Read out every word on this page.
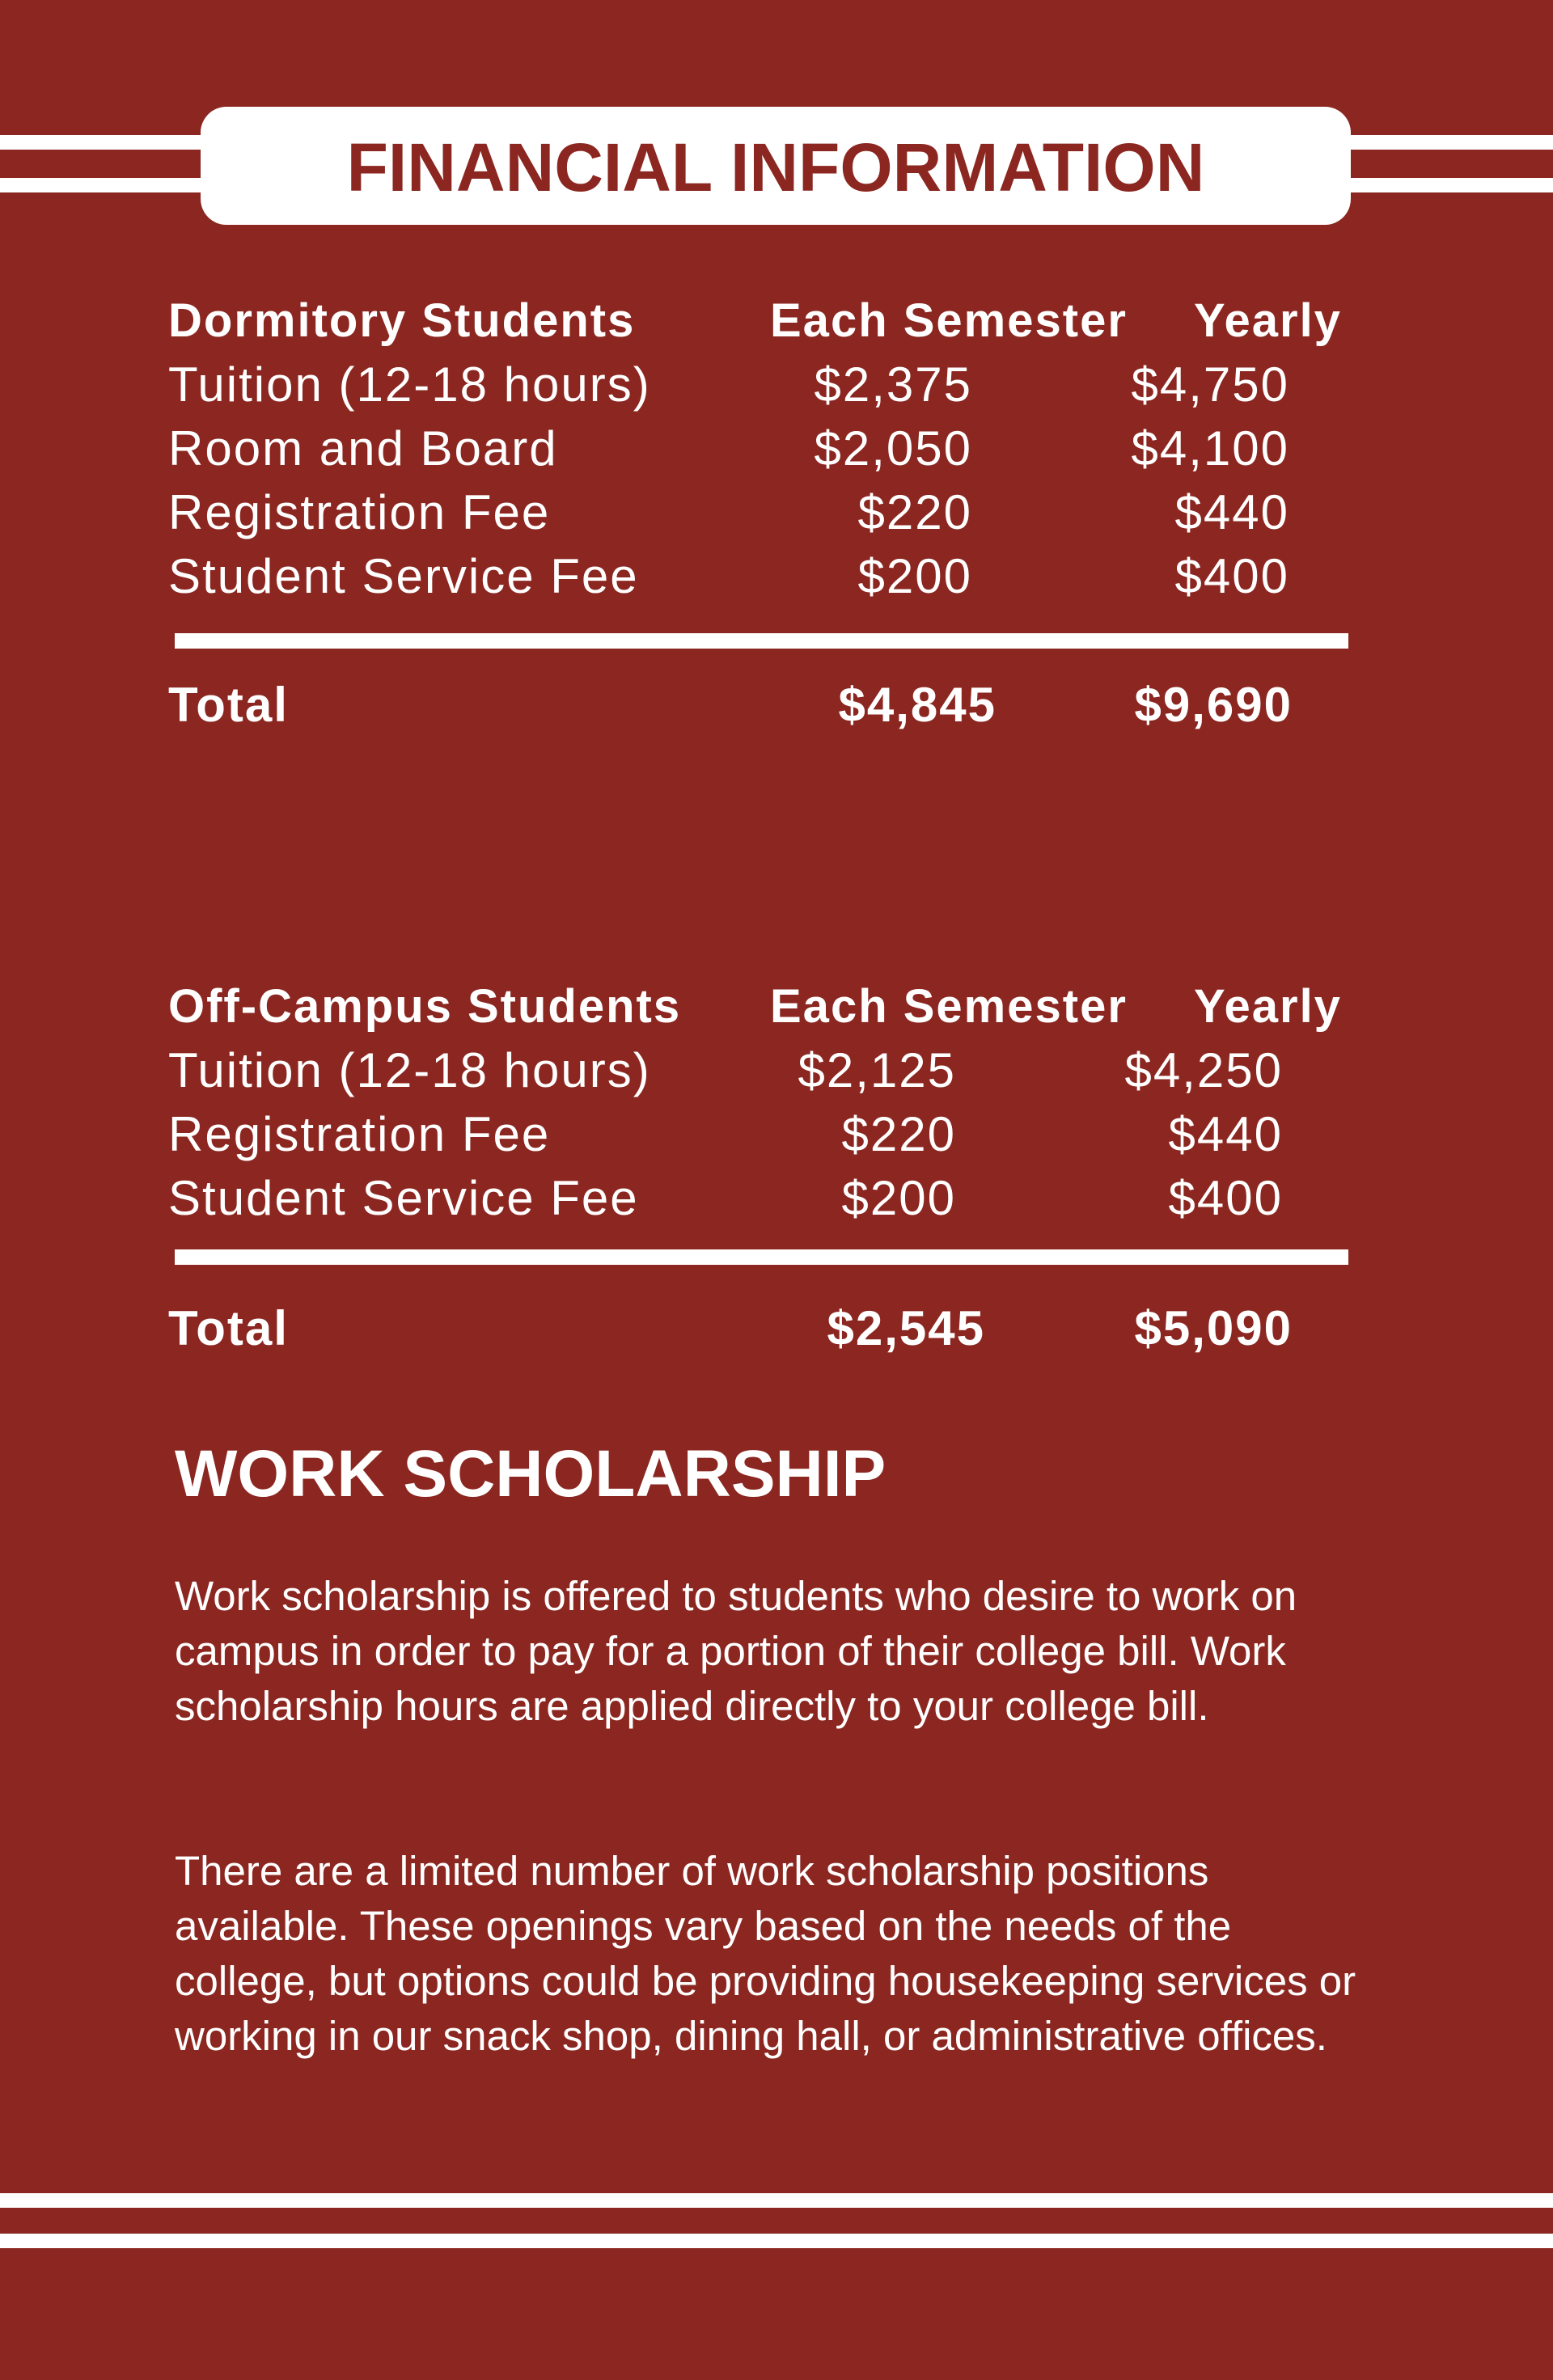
FINANCIAL INFORMATION
Dormitory Students	Each Semester Yearly
Tuition (12-18 hours)	$2,375	$4,750
Room and Board	$2,050	$4,100
Registration Fee	$220	$440
Student Service Fee	$200	$400
Total	$4,845	$9,690
Off-Campus Students Each Semester Yearly
Tuition (12-18 hours)	$2,125	$4,250
Registration Fee	$220	$440
Student Service Fee	$200	$400
Total	$2,545	$5,090
WORK SCHOLARSHIP

Work scholarship is offered to students who desire to work on campus in order to pay for a portion of their college bill. Work scholarship hours are applied directly to your college bill.

There are a limited number of work scholarship positions available. These openings vary based on the needs of the college, but options could be providing housekeeping services or working in our snack shop, dining hall, or administrative offices.
